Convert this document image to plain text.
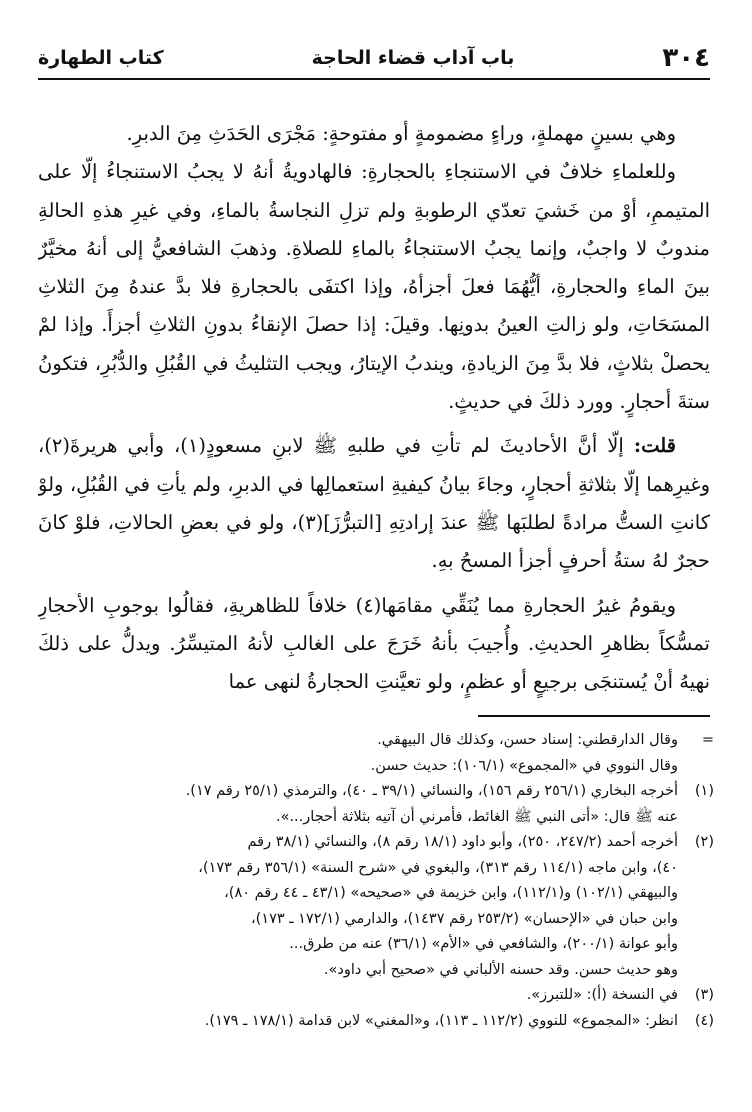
٣٠٤
باب آداب قضاء الحاجة
كتاب الطهارة

وهي بسينٍ مهملةٍ، وراءٍ مضمومةٍ أو مفتوحةٍ: مَجْرَى الحَدَثِ مِنَ الدبرِ.

وللعلماءِ خلافٌ في الاستنجاءِ بالحجارةِ: فالهادويةُ أنهُ لا يجبُ الاستنجاءُ إلّا على المتيممِ، أوْ من خَشيَ تعدّي الرطوبةِ ولم تزلِ النجاسةُ بالماءِ، وفي غيرِ هذهِ الحالةِ مندوبٌ لا واجبٌ، وإنما يجبُ الاستنجاءُ بالماءِ للصلاةِ. وذهبَ الشافعيُّ إلى أنهُ مخيَّرٌ بينَ الماءِ والحجارةِ، أيُّهُمَا فعلَ أجزأهُ، وإذا اكتفَى بالحجارةِ فلا بدَّ عندهُ مِنَ الثلاثِ المسَحَاتِ، ولو زالتِ العينُ بدونِها. وقيلَ: إذا حصلَ الإنقاءُ بدونِ الثلاثِ أجزأَ. وإذا لمْ يحصلْ بثلاثٍ، فلا بدَّ مِنَ الزيادةِ، ويندبُ الإيتارُ، ويجب التثليثُ في القُبُلِ والدُّبُرِ، فتكونُ ستةَ أحجارٍ. وورد ذلكَ في حديثٍ.

قلت: إلّا أنَّ الأحاديثَ لم تأتِ في طلبهِ ﷺ لابنِ مسعودٍ(١)، وأبي هريرةَ(٢)، وغيرِهما إلّا بثلاثةِ أحجارٍ، وجاءَ بيانُ كيفيةِ استعمالِها في الدبرِ، ولم يأتِ في القُبُلِ، ولوْ كانتِ الستُّ مرادةً لطلبَها ﷺ عندَ إرادتِهِ [التبرُّزَ](٣)، ولو في بعضِ الحالاتِ، فلوْ كانَ حجرٌ لهُ ستةُ أحرفٍ أجزأ المسحُ بهِ.

ويقومُ غيرُ الحجارةِ مما يُنَقِّي مقامَها(٤) خلافاً للظاهريةِ، فقالُوا بوجوبِ الأحجارِ تمسُّكاً بظاهرِ الحديثِ. وأُجيبَ بأنهُ خَرَجَ على الغالبِ لأنهُ المتيسِّرُ. ويدلُّ على ذلكَ نهيهُ أنْ يُستنجَى برجيعٍ أو عظمٍ، ولو تعيَّنتِ الحجارةُ لنهى عما

=
وقال الدارقطني: إسناد حسن، وكذلك قال البيهقي.
وقال النووي في «المجموع» (١٠٦/١): حديث حسن.
(١)
أخرجه البخاري (٢٥٦/١ رقم ١٥٦)، والنسائي (٣٩/١ ـ ٤٠)، والترمذي (٢٥/١ رقم ١٧).
عنه ﷺ قال: «أتى النبي ﷺ الغائط، فأمرني أن آتيه بثلاثة أحجار...».
(٢)
أخرجه أحمد (٢٤٧/٢، ٢٥٠)، وأبو داود (١٨/١ رقم ٨)، والنسائي (٣٨/١ رقم
٤٠)، وابن ماجه (١١٤/١ رقم ٣١٣)، والبغوي في «شرح السنة» (٣٥٦/١ رقم ١٧٣)،
والبيهقي (١٠٢/١) و(١١٢/١)، وابن خزيمة في «صحيحه» (٤٣/١ ـ ٤٤ رقم ٨٠)،
وابن حبان في «الإحسان» (٢٥٣/٢ رقم ١٤٣٧)، والدارمي (١٧٢/١ ـ ١٧٣)،
وأبو عوانة (٢٠٠/١)، والشافعي في «الأم» (٣٦/١) عنه من طرق...
وهو حديث حسن. وقد حسنه الألباني في «صحيح أبي داود».
(٣)
في النسخة (أ): «للتبرز».
(٤)
انظر: «المجموع» للنووي (١١٢/٢ ـ ١١٣)، و«المغني» لابن قدامة (١٧٨/١ ـ ١٧٩).
